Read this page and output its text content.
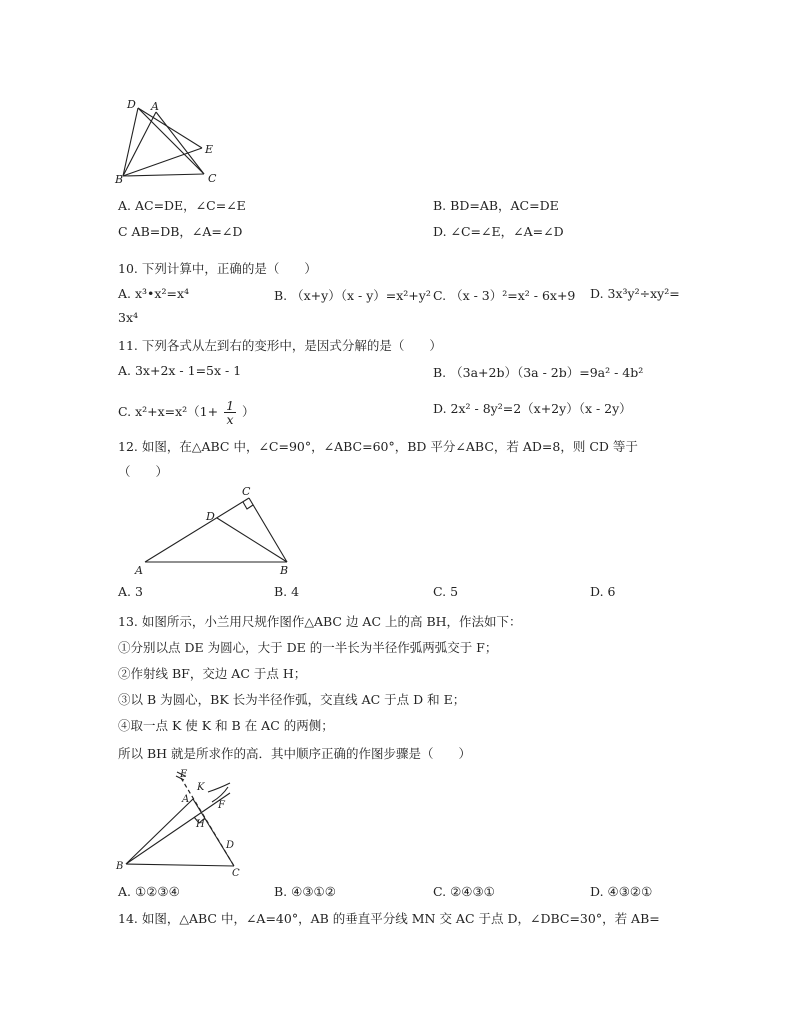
D A
E
B	C
A. AC=DE，∠C=∠E	B. BD=AB，AC=DE
C AB=DB，∠A=∠D	D. ∠C=∠E，∠A=∠D
10. 下列计算中，正确的是（　　）
A. x³•x²=x⁴	B. （x+y）（x - y）=x²+y² C. （x - 3）²=x² - 6x+9 D. 3x³y²÷xy²=
3x⁴
11. 下列各式从左到右的变形中，是因式分解的是（　　）
A. 3x+2x - 1=5x - 1	B. （3a+2b）（3a - 2b）=9a² - 4b²
C. $x^2+x=x^2(1+ \frac{1}{x}$ ）	D. 2x² - 8y²=2（x+2y）（x - 2y）
12. 如图，在△ABC 中，∠C=90°，∠ABC=60°，BD 平分∠ABC，若 AD=8，则 CD 等于
（　　）
A	B
C
D
A. 3	B. 4	C. 5	D. 6
13. 如图所示，小兰用尺规作图作△ABC 边 AC 上的高 BH，作法如下：
①分别以点 DE 为圆心，大于 DE 的一半长为半径作弧两弧交于 F；
②作射线 BF，交边 AC 于点 H；
③以 B 为圆心，BK 长为半径作弧，交直线 AC 于点 D 和 E；
④取一点 K 使 K 和 B 在 AC 的两侧；
所以 BH 就是所求作的高．其中顺序正确的作图步骤是（　　）
E
K
A
F
H
D
B
C
A. ①②③④	B. ④③①②	C. ②④③①	D. ④③②①
14. 如图，△ABC 中，∠A=40°，AB 的垂直平分线 MN 交 AC 于点 D，∠DBC=30°，若 AB=
